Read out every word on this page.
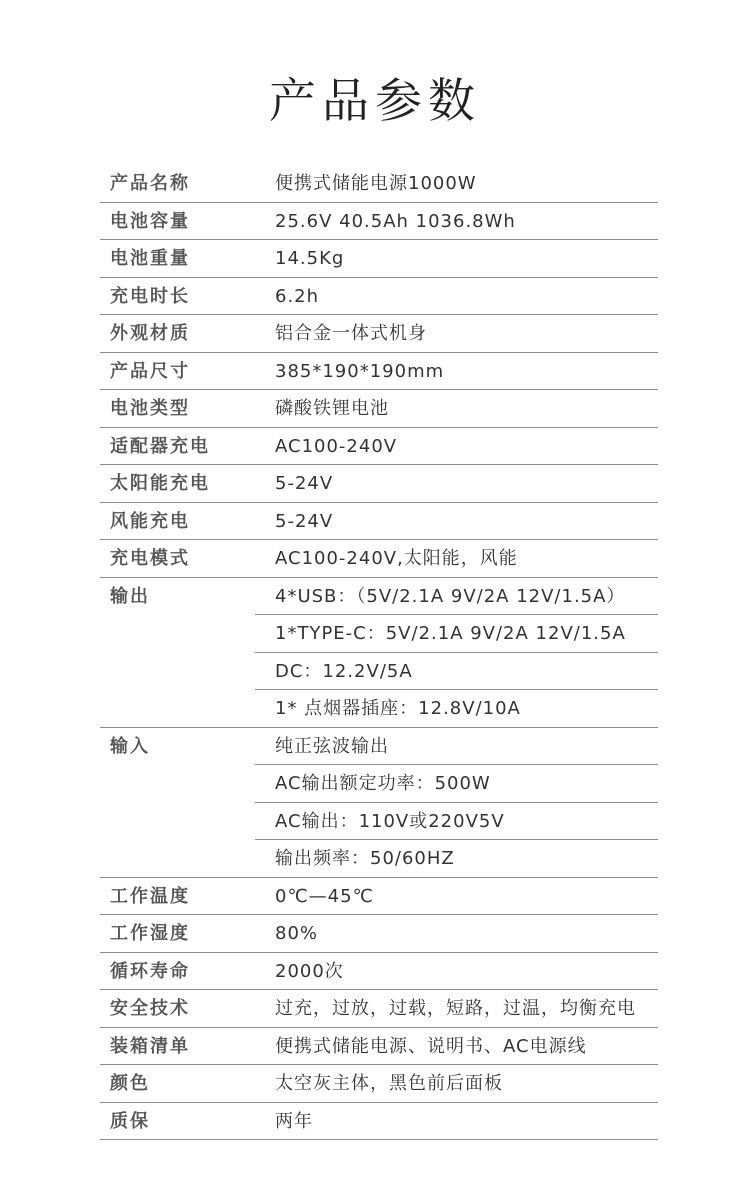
产品参数
产品名称	便携式储能电源1000W
电池容量	25.6V 40.5Ah 1036.8Wh
电池重量	14.5Kg
充电时长	6.2h
外观材质	铝合金一体式机身
产品尺寸	385*190*190mm
电池类型	磷酸铁锂电池
适配器充电	AC100-240V
太阳能充电	5-24V
风能充电	5-24V
充电模式	AC100-240V,太阳能，风能
输出	4*USB：（5V/2.1A 9V/2A 12V/1.5A）
1*TYPE-C：5V/2.1A 9V/2A 12V/1.5A
DC：12.2V/5A
1* 点烟器插座：12.8V/10A
输入	纯正弦波输出
AC输出额定功率：500W
AC输出：110V或220V5V
输出频率：50/60HZ
工作温度	0℃—45℃
工作湿度	80%
循环寿命	2000次
安全技术	过充，过放，过载，短路，过温，均衡充电
装箱清单	便携式储能电源、说明书、AC电源线
颜色	太空灰主体，黑色前后面板
质保	两年
